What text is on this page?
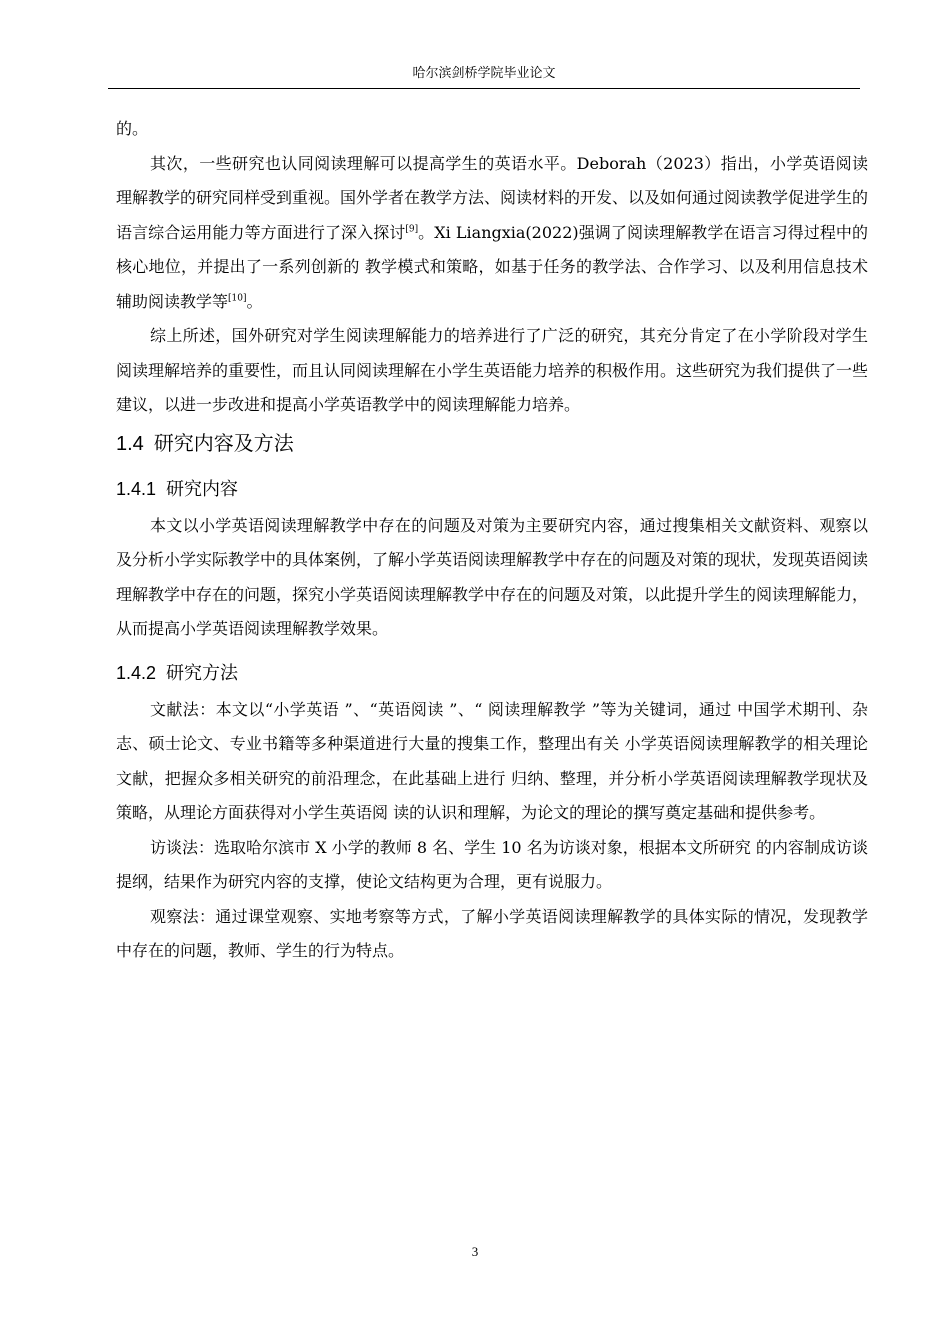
哈尔滨剑桥学院毕业论文

的。

其次，一些研究也认同阅读理解可以提高学生的英语水平。Deborah（2023）指出，小学英语阅读理解教学的研究同样受到重视。国外学者在教学方法、阅读材料的开发、以及如何通过阅读教学促进学生的语言综合运用能力等方面进行了深入探讨[9]。Xi Liangxia(2022)强调了阅读理解教学在语言习得过程中的核心地位，并提出了一系列创新的 教学模式和策略，如基于任务的教学法、合作学习、以及利用信息技术辅助阅读教学等[10]。

综上所述，国外研究对学生阅读理解能力的培养进行了广泛的研究，其充分肯定了在小学阶段对学生阅读理解培养的重要性，而且认同阅读理解在小学生英语能力培养的积极作用。这些研究为我们提供了一些建议，以进一步改进和提高小学英语教学中的阅读理解能力培养。

1.4 研究内容及方法
1.4.1 研究内容

本文以小学英语阅读理解教学中存在的问题及对策为主要研究内容，通过搜集相关文献资料、观察以及分析小学实际教学中的具体案例，了解小学英语阅读理解教学中存在的问题及对策的现状，发现英语阅读理解教学中存在的问题，探究小学英语阅读理解教学中存在的问题及对策，以此提升学生的阅读理解能力，从而提高小学英语阅读理解教学效果。

1.4.2 研究方法

文献法：本文以“小学英语 ”、“英语阅读 ”、“ 阅读理解教学 ”等为关键词，通过 中国学术期刊、杂志、硕士论文、专业书籍等多种渠道进行大量的搜集工作，整理出有关 小学英语阅读理解教学的相关理论文献，把握众多相关研究的前沿理念，在此基础上进行 归纳、整理，并分析小学英语阅读理解教学现状及策略，从理论方面获得对小学生英语阅 读的认识和理解，为论文的理论的撰写奠定基础和提供参考。

访谈法：选取哈尔滨市 X 小学的教师 8 名、学生 10 名为访谈对象，根据本文所研究 的内容制成访谈提纲，结果作为研究内容的支撑，使论文结构更为合理，更有说服力。

观察法：通过课堂观察、实地考察等方式，了解小学英语阅读理解教学的具体实际的情况，发现教学中存在的问题，教师、学生的行为特点。

3
